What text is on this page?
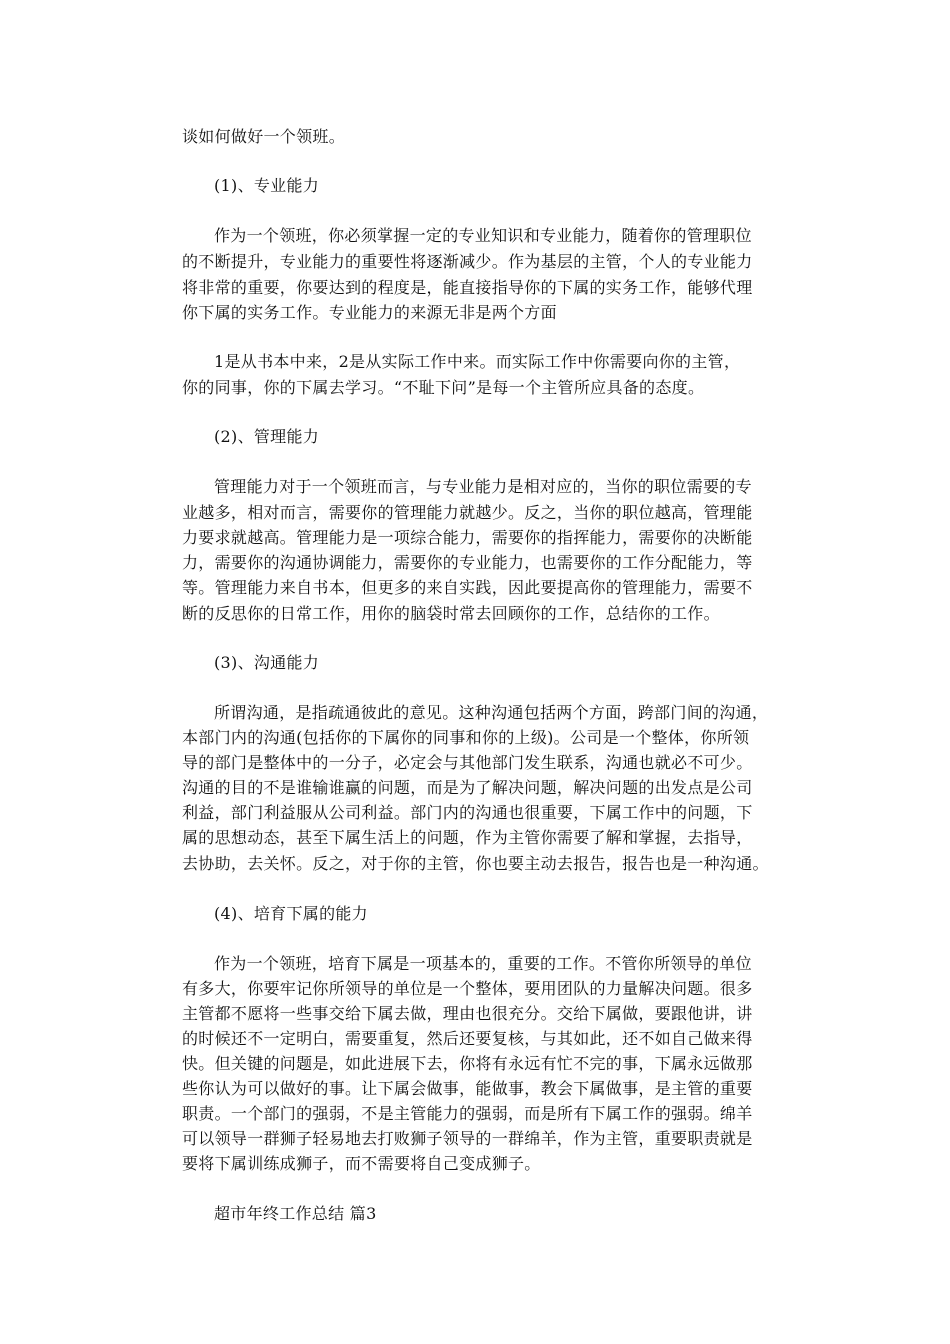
谈如何做好一个领班。
(1)、专业能力
作为一个领班，你必须掌握一定的专业知识和专业能力，随着你的管理职位
的不断提升，专业能力的重要性将逐渐减少。作为基层的主管，个人的专业能力
将非常的重要，你要达到的程度是，能直接指导你的下属的实务工作，能够代理
你下属的实务工作。专业能力的来源无非是两个方面
1是从书本中来，2是从实际工作中来。而实际工作中你需要向你的主管，
你的同事，你的下属去学习。“不耻下问”是每一个主管所应具备的态度。
(2)、管理能力
管理能力对于一个领班而言，与专业能力是相对应的，当你的职位需要的专
业越多，相对而言，需要你的管理能力就越少。反之，当你的职位越高，管理能
力要求就越高。管理能力是一项综合能力，需要你的指挥能力，需要你的决断能
力，需要你的沟通协调能力，需要你的专业能力，也需要你的工作分配能力，等
等。管理能力来自书本，但更多的来自实践，因此要提高你的管理能力，需要不
断的反思你的日常工作，用你的脑袋时常去回顾你的工作，总结你的工作。
(3)、沟通能力
所谓沟通，是指疏通彼此的意见。这种沟通包括两个方面，跨部门间的沟通，
本部门内的沟通(包括你的下属你的同事和你的上级)。公司是一个整体，你所领
导的部门是整体中的一分子，必定会与其他部门发生联系，沟通也就必不可少。
沟通的目的不是谁输谁赢的问题，而是为了解决问题，解决问题的出发点是公司
利益，部门利益服从公司利益。部门内的沟通也很重要，下属工作中的问题，下
属的思想动态，甚至下属生活上的问题，作为主管你需要了解和掌握，去指导，
去协助，去关怀。反之，对于你的主管，你也要主动去报告，报告也是一种沟通。
(4)、培育下属的能力
作为一个领班，培育下属是一项基本的，重要的工作。不管你所领导的单位
有多大，你要牢记你所领导的单位是一个整体，要用团队的力量解决问题。很多
主管都不愿将一些事交给下属去做，理由也很充分。交给下属做，要跟他讲，讲
的时候还不一定明白，需要重复，然后还要复核，与其如此，还不如自己做来得
快。但关键的问题是，如此进展下去，你将有永远有忙不完的事，下属永远做那
些你认为可以做好的事。让下属会做事，能做事，教会下属做事，是主管的重要
职责。一个部门的强弱，不是主管能力的强弱，而是所有下属工作的强弱。绵羊
可以领导一群狮子轻易地去打败狮子领导的一群绵羊，作为主管，重要职责就是
要将下属训练成狮子，而不需要将自己变成狮子。
超市年终工作总结 篇3
